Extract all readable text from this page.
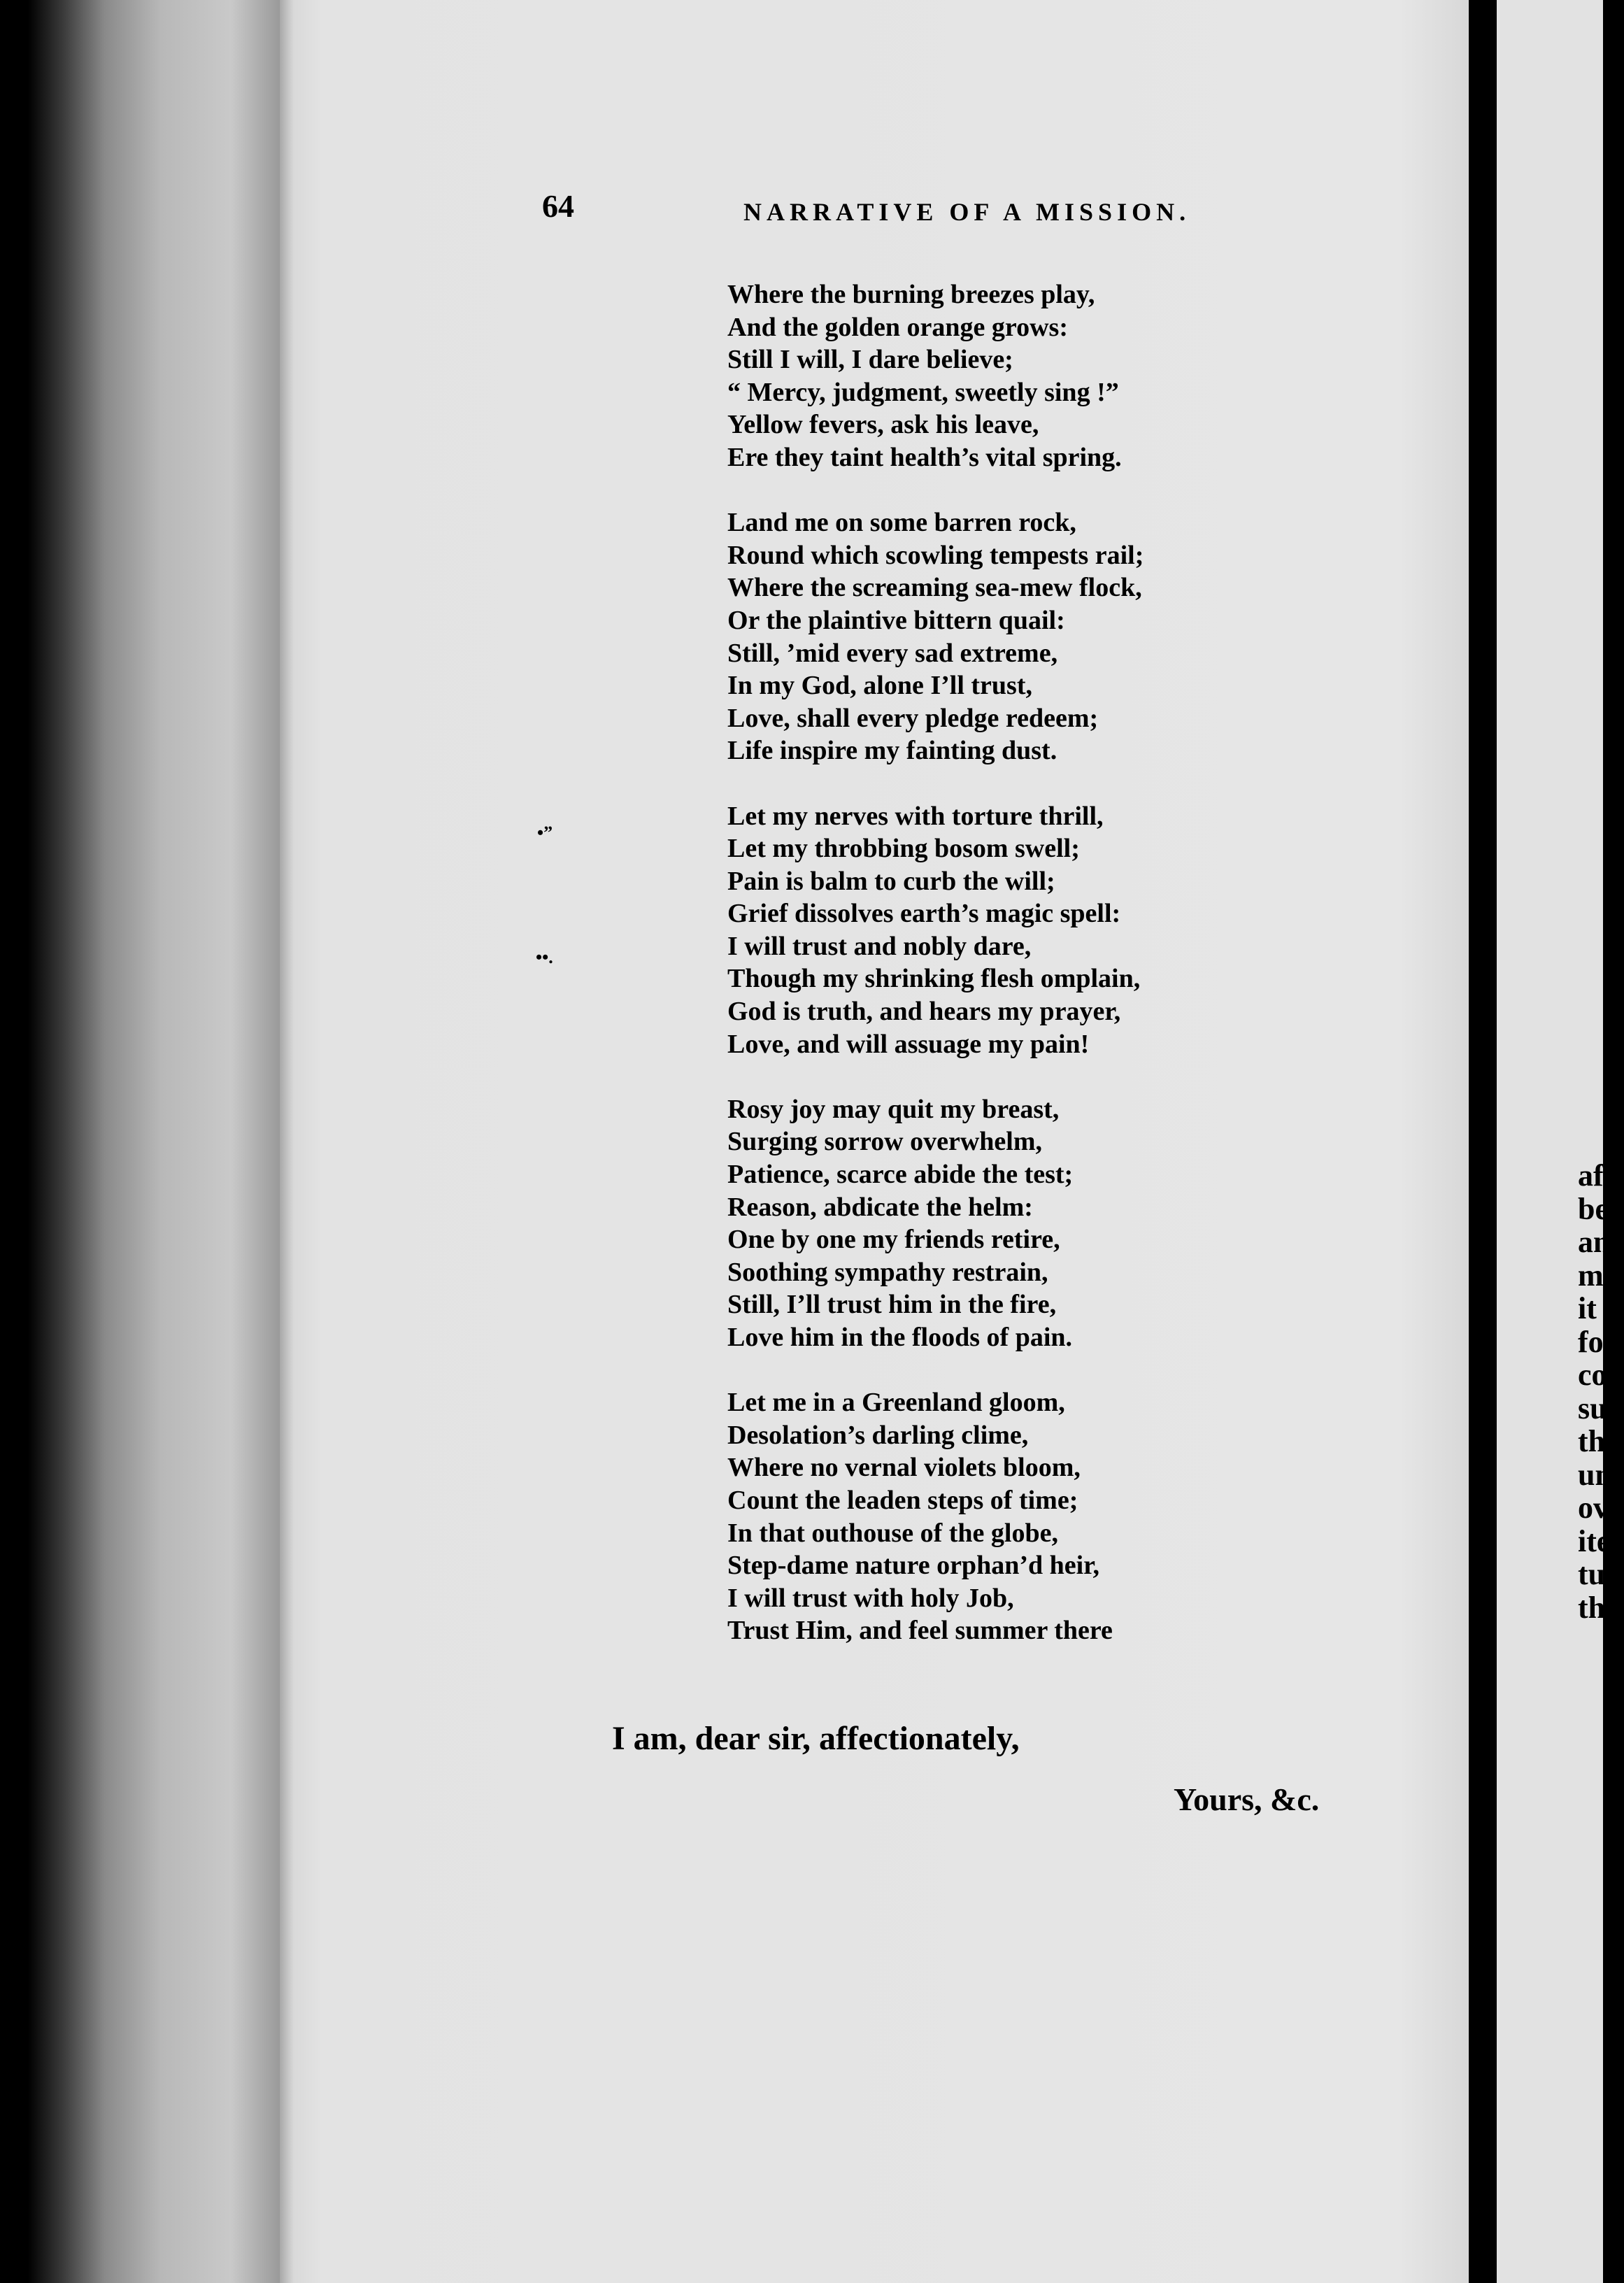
64	NARRATIVE OF A MISSION.
Where the burning breezes play,
And the golden orange grows:
Still I will, I dare believe;
“ Mercy, judgment, sweetly sing !”
Yellow fevers, ask his leave,
Ere they taint health’s vital spring.
Land me on some barren rock,
Round which scowling tempests rail;
Where the screaming sea-mew flock,
Or the plaintive bittern quail:
Still, ’mid every sad extreme,
In my God, alone I’ll trust,
Love, shall every pledge redeem;
Life inspire my fainting dust.
Let my nerves with torture thrill,
Let my throbbing bosom swell;
Pain is balm to curb the will;
Grief dissolves earth’s magic spell:
I will trust and nobly dare,
Though my shrinking flesh omplain,
God is truth, and hears my prayer,
Love, and will assuage my pain!
Rosy joy may quit my breast,
Surging sorrow overwhelm,
Patience, scarce abide the test;
Reason, abdicate the helm:
One by one my friends retire,
Soothing sympathy restrain,
Still, I’ll trust him in the fire,
Love him in the floods of pain.
Let me in a Greenland gloom,
Desolation’s darling clime,
Where no vernal violets bloom,
Count the leaden steps of time;
In that outhouse of the globe,
Step-dame nature orphan’d heir,
I will trust with holy Job,
Trust Him, and feel summer there
•”
••.
I am, dear sir, affectionately,
Yours, &c.
af
be
an
m
it
for
co
su
the
un
ov
iter
tud
the
